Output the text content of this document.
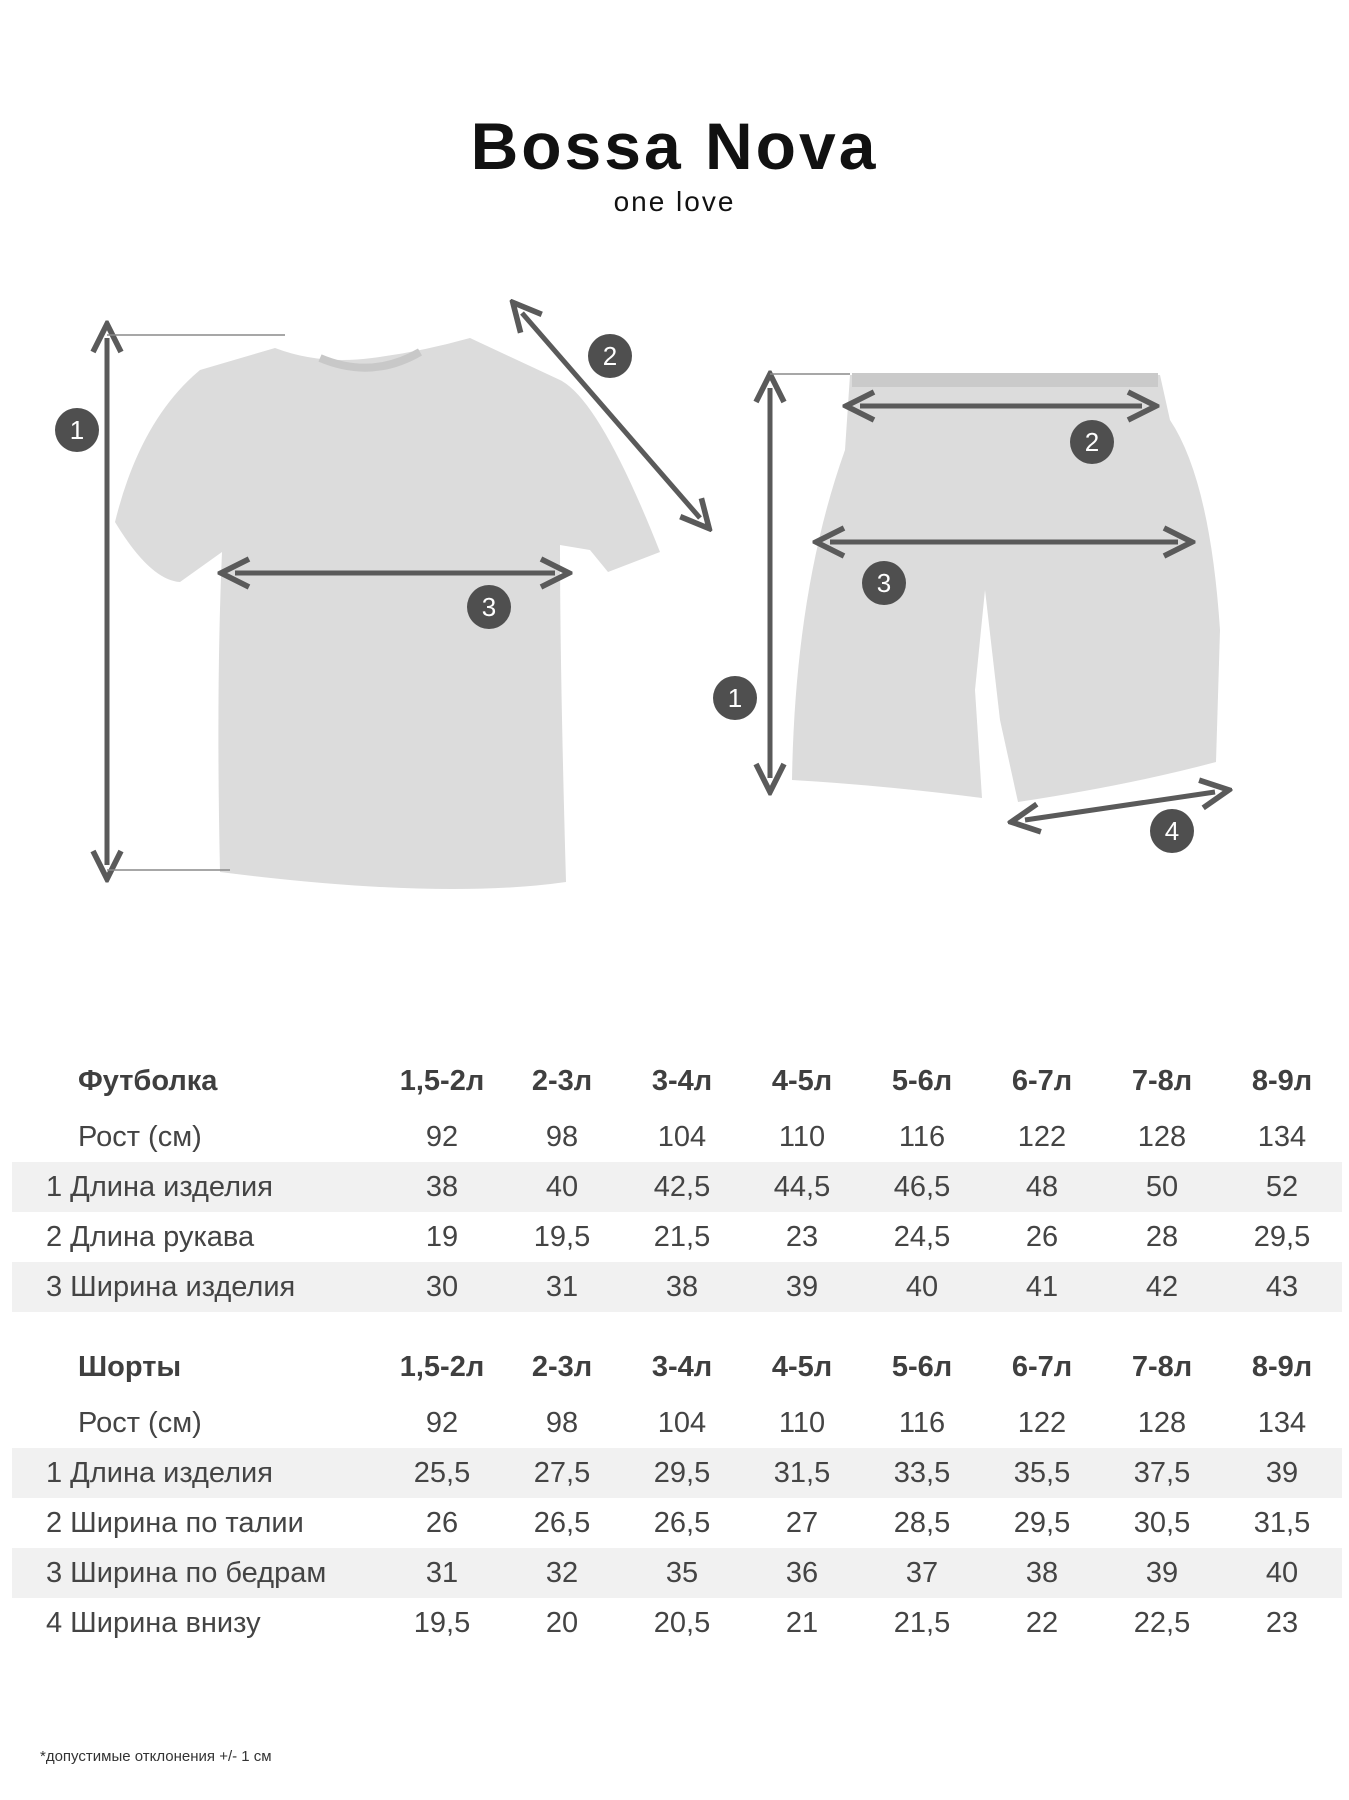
Bossa Nova
one love
1
2
3
1
2
3
4
Футболка	1,5-2л	2-3л	3-4л	4-5л	5-6л	6-7л	7-8л	8-9л
Рост (см)	92	98	104	110	116	122	128	134
1 Длина изделия	38	40	42,5	44,5	46,5	48	50	52
2 Длина рукава	19	19,5	21,5	23	24,5	26	28	29,5
3 Ширина изделия	30	31	38	39	40	41	42	43
Шорты	1,5-2л	2-3л	3-4л	4-5л	5-6л	6-7л	7-8л	8-9л
Рост (см)	92	98	104	110	116	122	128	134
1 Длина изделия	25,5	27,5	29,5	31,5	33,5	35,5	37,5	39
2 Ширина по талии	26	26,5	26,5	27	28,5	29,5	30,5	31,5
3 Ширина по бедрам	31	32	35	36	37	38	39	40
4 Ширина внизу	19,5	20	20,5	21	21,5	22	22,5	23
*допустимые отклонения +/- 1 см
